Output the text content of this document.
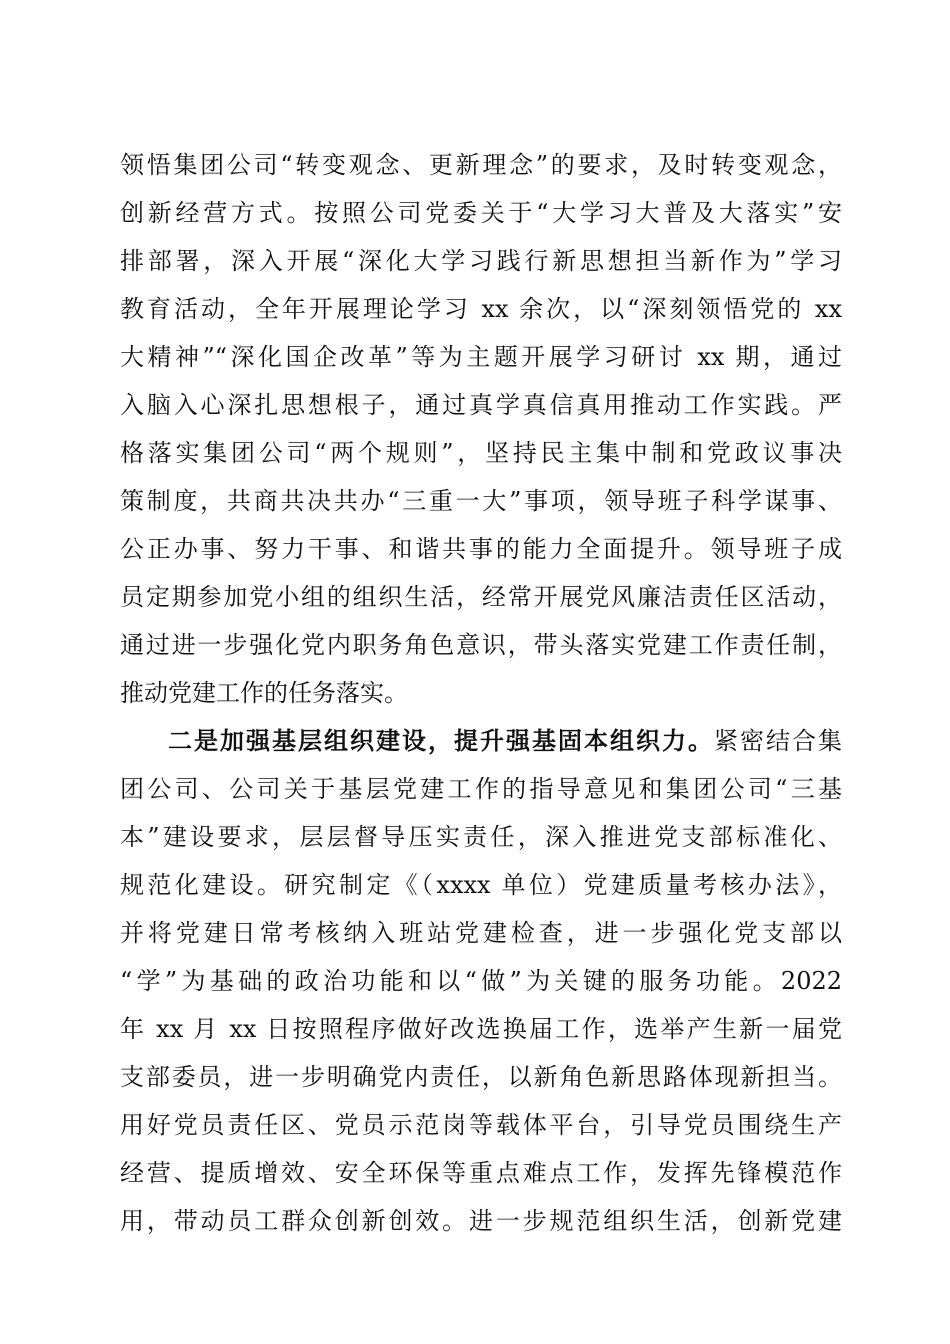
领悟集团公司“转变观念、更新理念”的要求，及时转变观念，
创新经营方式。按照公司党委关于“大学习大普及大落实”安
排部署，深入开展“深化大学习践行新思想担当新作为”学习
教育活动，全年开展理论学习 xx 余次，以“深刻领悟党的 xx
大精神”“深化国企改革”等为主题开展学习研讨 xx 期，通过
入脑入心深扎思想根子，通过真学真信真用推动工作实践。严
格落实集团公司“两个规则”，坚持民主集中制和党政议事决
策制度，共商共决共办“三重一大”事项，领导班子科学谋事、
公正办事、努力干事、和谐共事的能力全面提升。领导班子成
员定期参加党小组的组织生活，经常开展党风廉洁责任区活动，
通过进一步强化党内职务角色意识，带头落实党建工作责任制，
推动党建工作的任务落实。
二是加强基层组织建设，提升强基固本组织力。紧密结合集
团公司、公司关于基层党建工作的指导意见和集团公司“三基
本”建设要求，层层督导压实责任，深入推进党支部标准化、
规范化建设。研究制定《（xxxx 单位）党建质量考核办法》，
并将党建日常考核纳入班站党建检查，进一步强化党支部以
“学”为基础的政治功能和以“做”为关键的服务功能。2022
年 xx 月 xx 日按照程序做好改选换届工作，选举产生新一届党
支部委员，进一步明确党内责任，以新角色新思路体现新担当。
用好党员责任区、党员示范岗等载体平台，引导党员围绕生产
经营、提质增效、安全环保等重点难点工作，发挥先锋模范作
用，带动员工群众创新创效。进一步规范组织生活，创新党建
